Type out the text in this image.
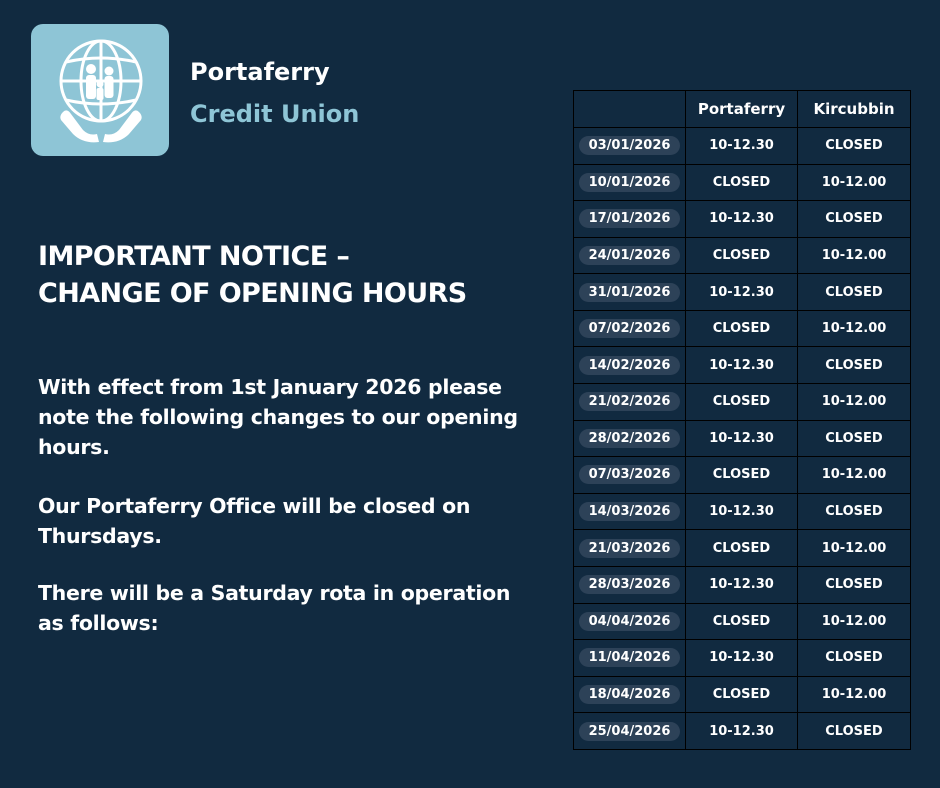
Portaferry
Credit Union
IMPORTANT NOTICE –
CHANGE OF OPENING HOURS
With effect from 1st January 2026 please note the following changes to our opening hours.
Our Portaferry Office will be closed on Thursdays.
There will be a Saturday rota in operation as follows:
	Portaferry	Kircubbin
03/01/2026	10-12.30	CLOSED
10/01/2026	CLOSED	10-12.00
17/01/2026	10-12.30	CLOSED
24/01/2026	CLOSED	10-12.00
31/01/2026	10-12.30	CLOSED
07/02/2026	CLOSED	10-12.00
14/02/2026	10-12.30	CLOSED
21/02/2026	CLOSED	10-12.00
28/02/2026	10-12.30	CLOSED
07/03/2026	CLOSED	10-12.00
14/03/2026	10-12.30	CLOSED
21/03/2026	CLOSED	10-12.00
28/03/2026	10-12.30	CLOSED
04/04/2026	CLOSED	10-12.00
11/04/2026	10-12.30	CLOSED
18/04/2026	CLOSED	10-12.00
25/04/2026	10-12.30	CLOSED
